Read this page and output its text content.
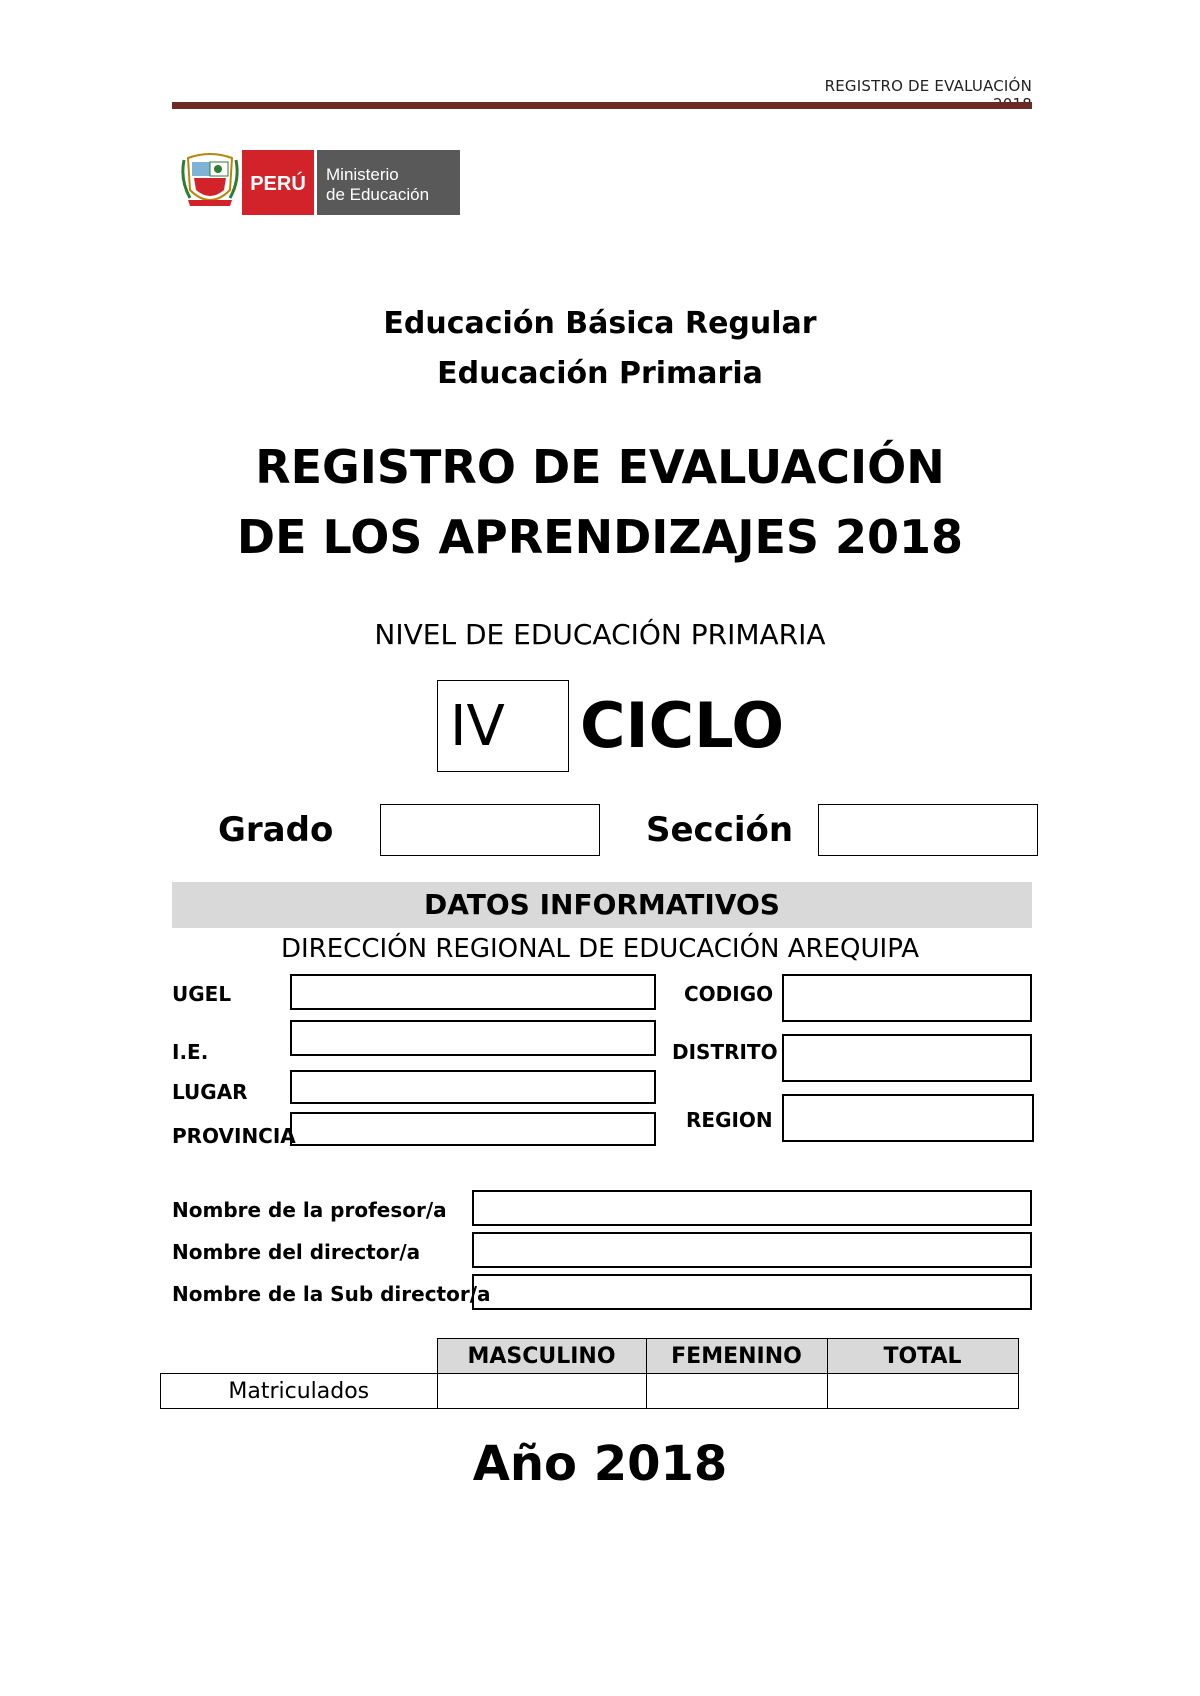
REGISTRO DE EVALUACIÓN
PERÚ Ministerio
de Educación
Educación Básica Regular
Educación Primaria
REGISTRO DE EVALUACIÓN
DE LOS APRENDIZAJES 2018
NIVEL DE EDUCACIÓN PRIMARIA
IV	CICLO
Grado	Sección
DATOS INFORMATIVOS
DIRECCIÓN REGIONAL DE EDUCACIÓN AREQUIPA
UGEL
I.E.
LUGAR
PROVINCIA
CODIGO
DISTRITO
REGION
Nombre de la profesor/a
Nombre del director/a
Nombre de la Sub director/a
	MASCULINO	FEMENINO	TOTAL
Matriculados			
Año 2018
